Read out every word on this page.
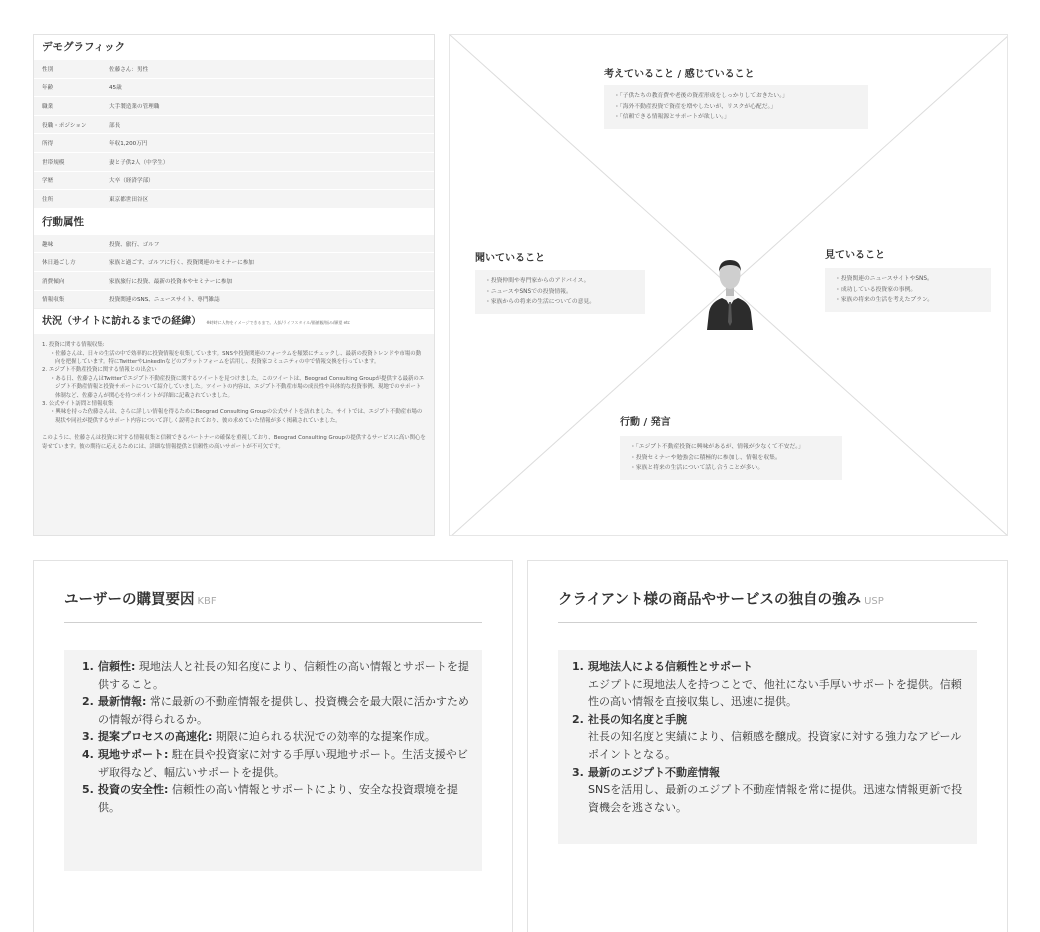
デモグラフィック
性別	佐藤さん：男性
年齢	45歳
職業	大手製造業の管理職
役職・ポジション	部長
所得	年収1,200万円
世帯規模	妻と子供2人（中学生）
学歴	大卒（経済学部）
住所	東京都世田谷区
行動属性
趣味	投資、旅行、ゴルフ
休日過ごし方	家族と過ごす、ゴルフに行く、投資関連のセミナーに参加
消費傾向	家族旅行に投資、最新の投資本やセミナーに参加
情報収集	投資関連のSNS、ニュースサイト、専門雑誌
状況（サイトに訪れるまでの経緯） ※時時に人物をイメージできるまで。人拡/ライフスタイル/価値観/悩み/願望 etc

1. 投資に関する情報収集:

・佐藤さんは、日々の生活の中で効率的に投資情報を収集しています。SNSや投資関連のフォーラムを頻繁にチェックし、最新の投資トレンドや市場の動向を把握しています。特にTwitterやLinkedInなどのプラットフォームを活用し、投資家コミュニティの中で情報交換を行っています。

2. エジプト不動産投資に関する情報との出会い

・ある日、佐藤さんはTwitterでエジプト不動産投資に関するツイートを見つけました。このツイートは、Beograd Consulting Groupが提供する最新のエジプト不動産情報と投資サポートについて紹介していました。ツイートの内容は、エジプト不動産市場の成長性や具体的な投資事例、現地でのサポート体制など、佐藤さんが関心を持つポイントが詳細に記載されていました。

3. 公式サイト訪問と情報収集

・興味を持った佐藤さんは、さらに詳しい情報を得るためにBeograd Consulting Groupの公式サイトを訪れました。サイトでは、エジプト不動産市場の現状や同社が提供するサポート内容について詳しく説明されており、彼の求めていた情報が多く掲載されていました。

このように、佐藤さんは投資に対する情報収集と信頼できるパートナーの確保を重視しており、Beograd Consulting Groupの提供するサービスに高い関心を寄せています。彼の期待に応えるためには、詳細な情報提供と信頼性の高いサポートが不可欠です。

考えていること / 感じていること
・「子供たちの教育費や老後の資産形成をしっかりしておきたい。」
・「海外不動産投資で資産を増やしたいが、リスクが心配だ。」
・「信頼できる情報源とサポートが欲しい。」
聞いていること
・投資仲間や専門家からのアドバイス。
・ニュースやSNSでの投資情報。
・家族からの将来の生活についての意見。
見ていること
・投資関連のニュースサイトやSNS。
・成功している投資家の事例。
・家族の将来の生活を考えたプラン。
行動 / 発言
・「エジプト不動産投資に興味があるが、情報が少なくて不安だ。」
・投資セミナーや勉強会に積極的に参加し、情報を収集。
・家族と将来の生活について話し合うことが多い。
ユーザーの購買要因 KBF
1. 信頼性: 現地法人と社長の知名度により、信頼性の高い情報とサポートを提供すること。
2. 最新情報: 常に最新の不動産情報を提供し、投資機会を最大限に活かすための情報が得られるか。
3. 提案プロセスの高速化: 期限に迫られる状況での効率的な提案作成。
4. 現地サポート: 駐在員や投資家に対する手厚い現地サポート。生活支援やビザ取得など、幅広いサポートを提供。
5. 投資の安全性: 信頼性の高い情報とサポートにより、安全な投資環境を提供。
クライアント様の商品やサービスの独自の強み USP
1. 現地法人による信頼性とサポート
エジプトに現地法人を持つことで、他社にない手厚いサポートを提供。信頼性の高い情報を直接収集し、迅速に提供。
2. 社長の知名度と手腕
社長の知名度と実績により、信頼感を醸成。投資家に対する強力なアピールポイントとなる。
3. 最新のエジプト不動産情報
SNSを活用し、最新のエジプト不動産情報を常に提供。迅速な情報更新で投資機会を逃さない。
